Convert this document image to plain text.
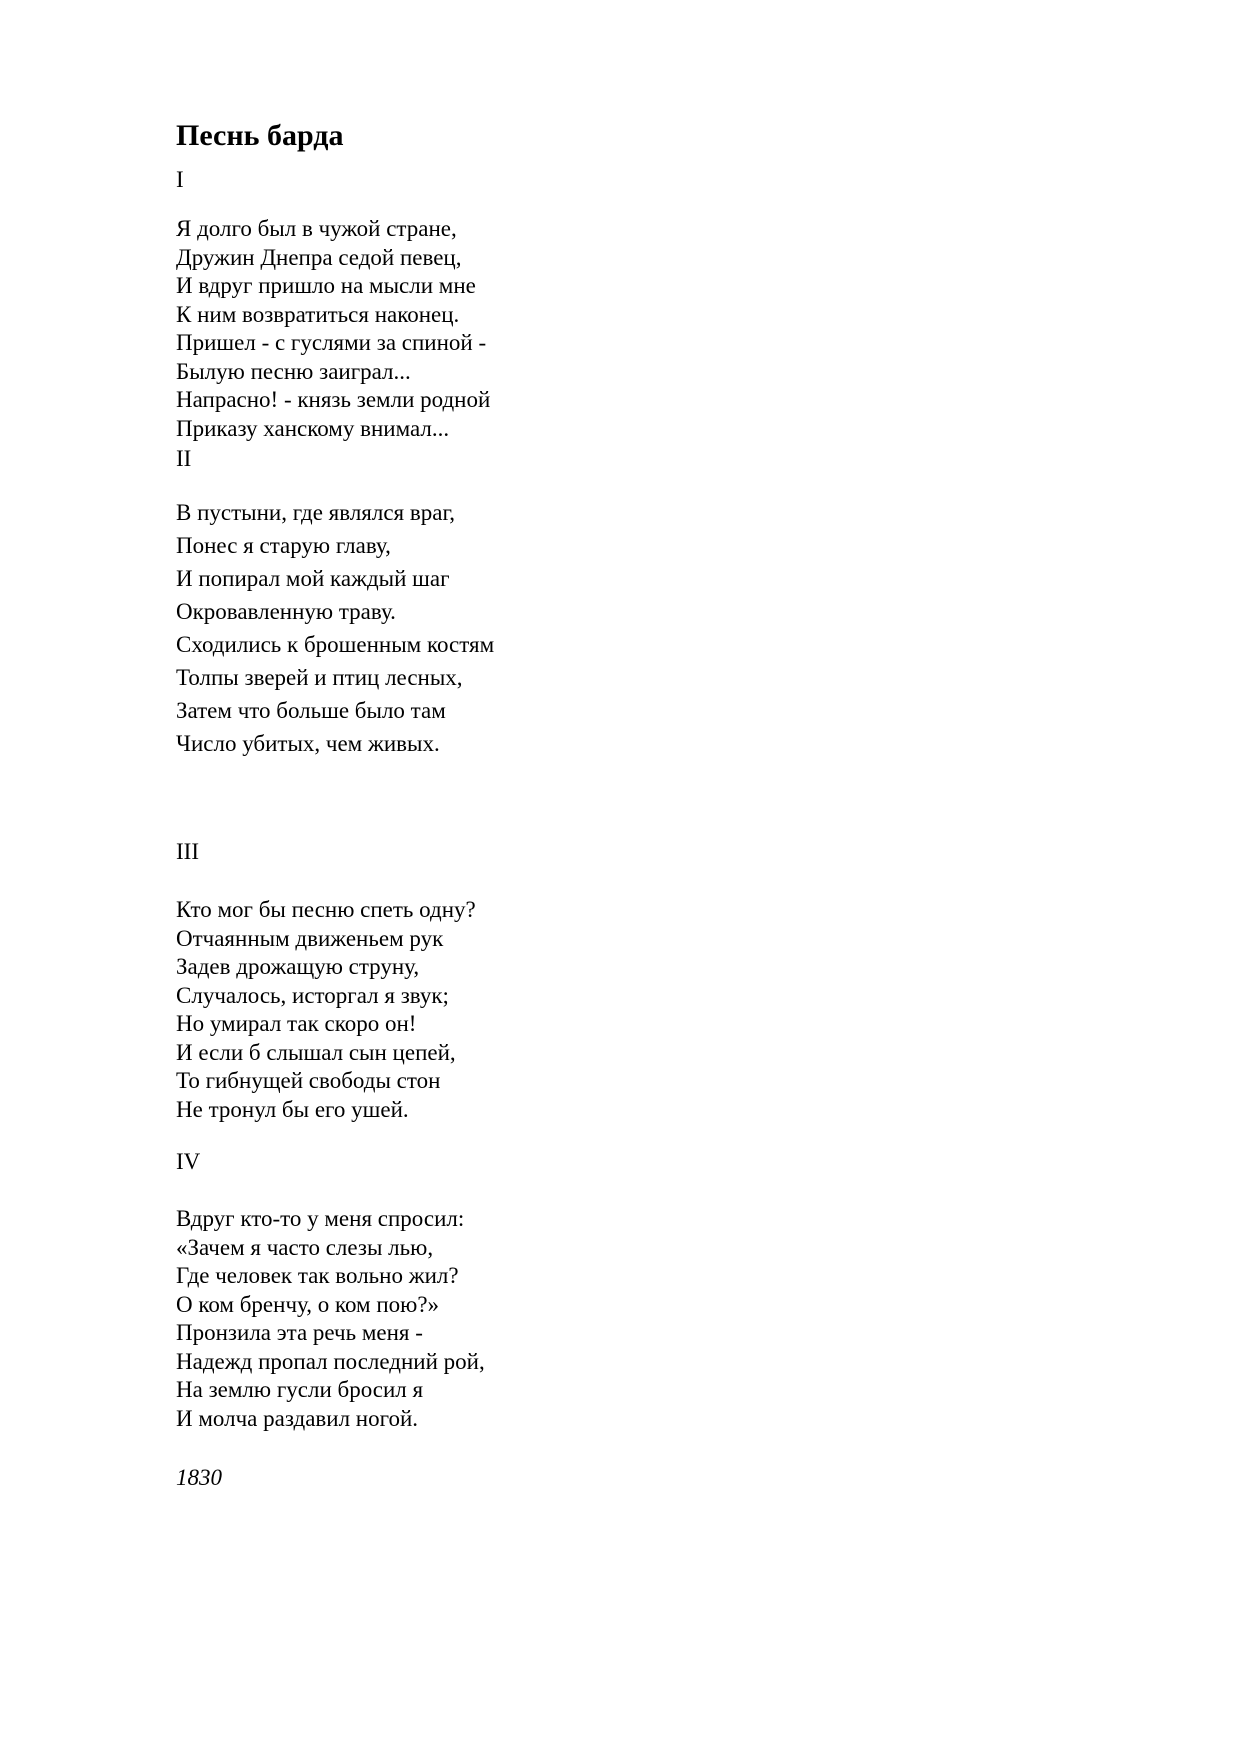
Песнь барда
I
Я долго был в чужой стране,
Дружин Днепра седой певец,
И вдруг пришло на мысли мне
К ним возвратиться наконец.
Пришел - с гуслями за спиной -
Былую песню заиграл...
Напрасно! - князь земли родной
Приказу ханскому внимал...
II
В пустыни, где являлся враг,
Понес я старую главу,
И попирал мой каждый шаг
Окровавленную траву.
Сходились к брошенным костям
Толпы зверей и птиц лесных,
Затем что больше было там
Число убитых, чем живых.
III
Кто мог бы песню спеть одну?
Отчаянным движеньем рук
Задев дрожащую струну,
Случалось, исторгал я звук;
Но умирал так скоро он!
И если б слышал сын цепей,
То гибнущей свободы стон
Не тронул бы его ушей.
IV
Вдруг кто-то у меня спросил:
«Зачем я часто слезы лью,
Где человек так вольно жил?
О ком бренчу, о ком пою?»
Пронзила эта речь меня -
Надежд пропал последний рой,
На землю гусли бросил я
И молча раздавил ногой.
1830
